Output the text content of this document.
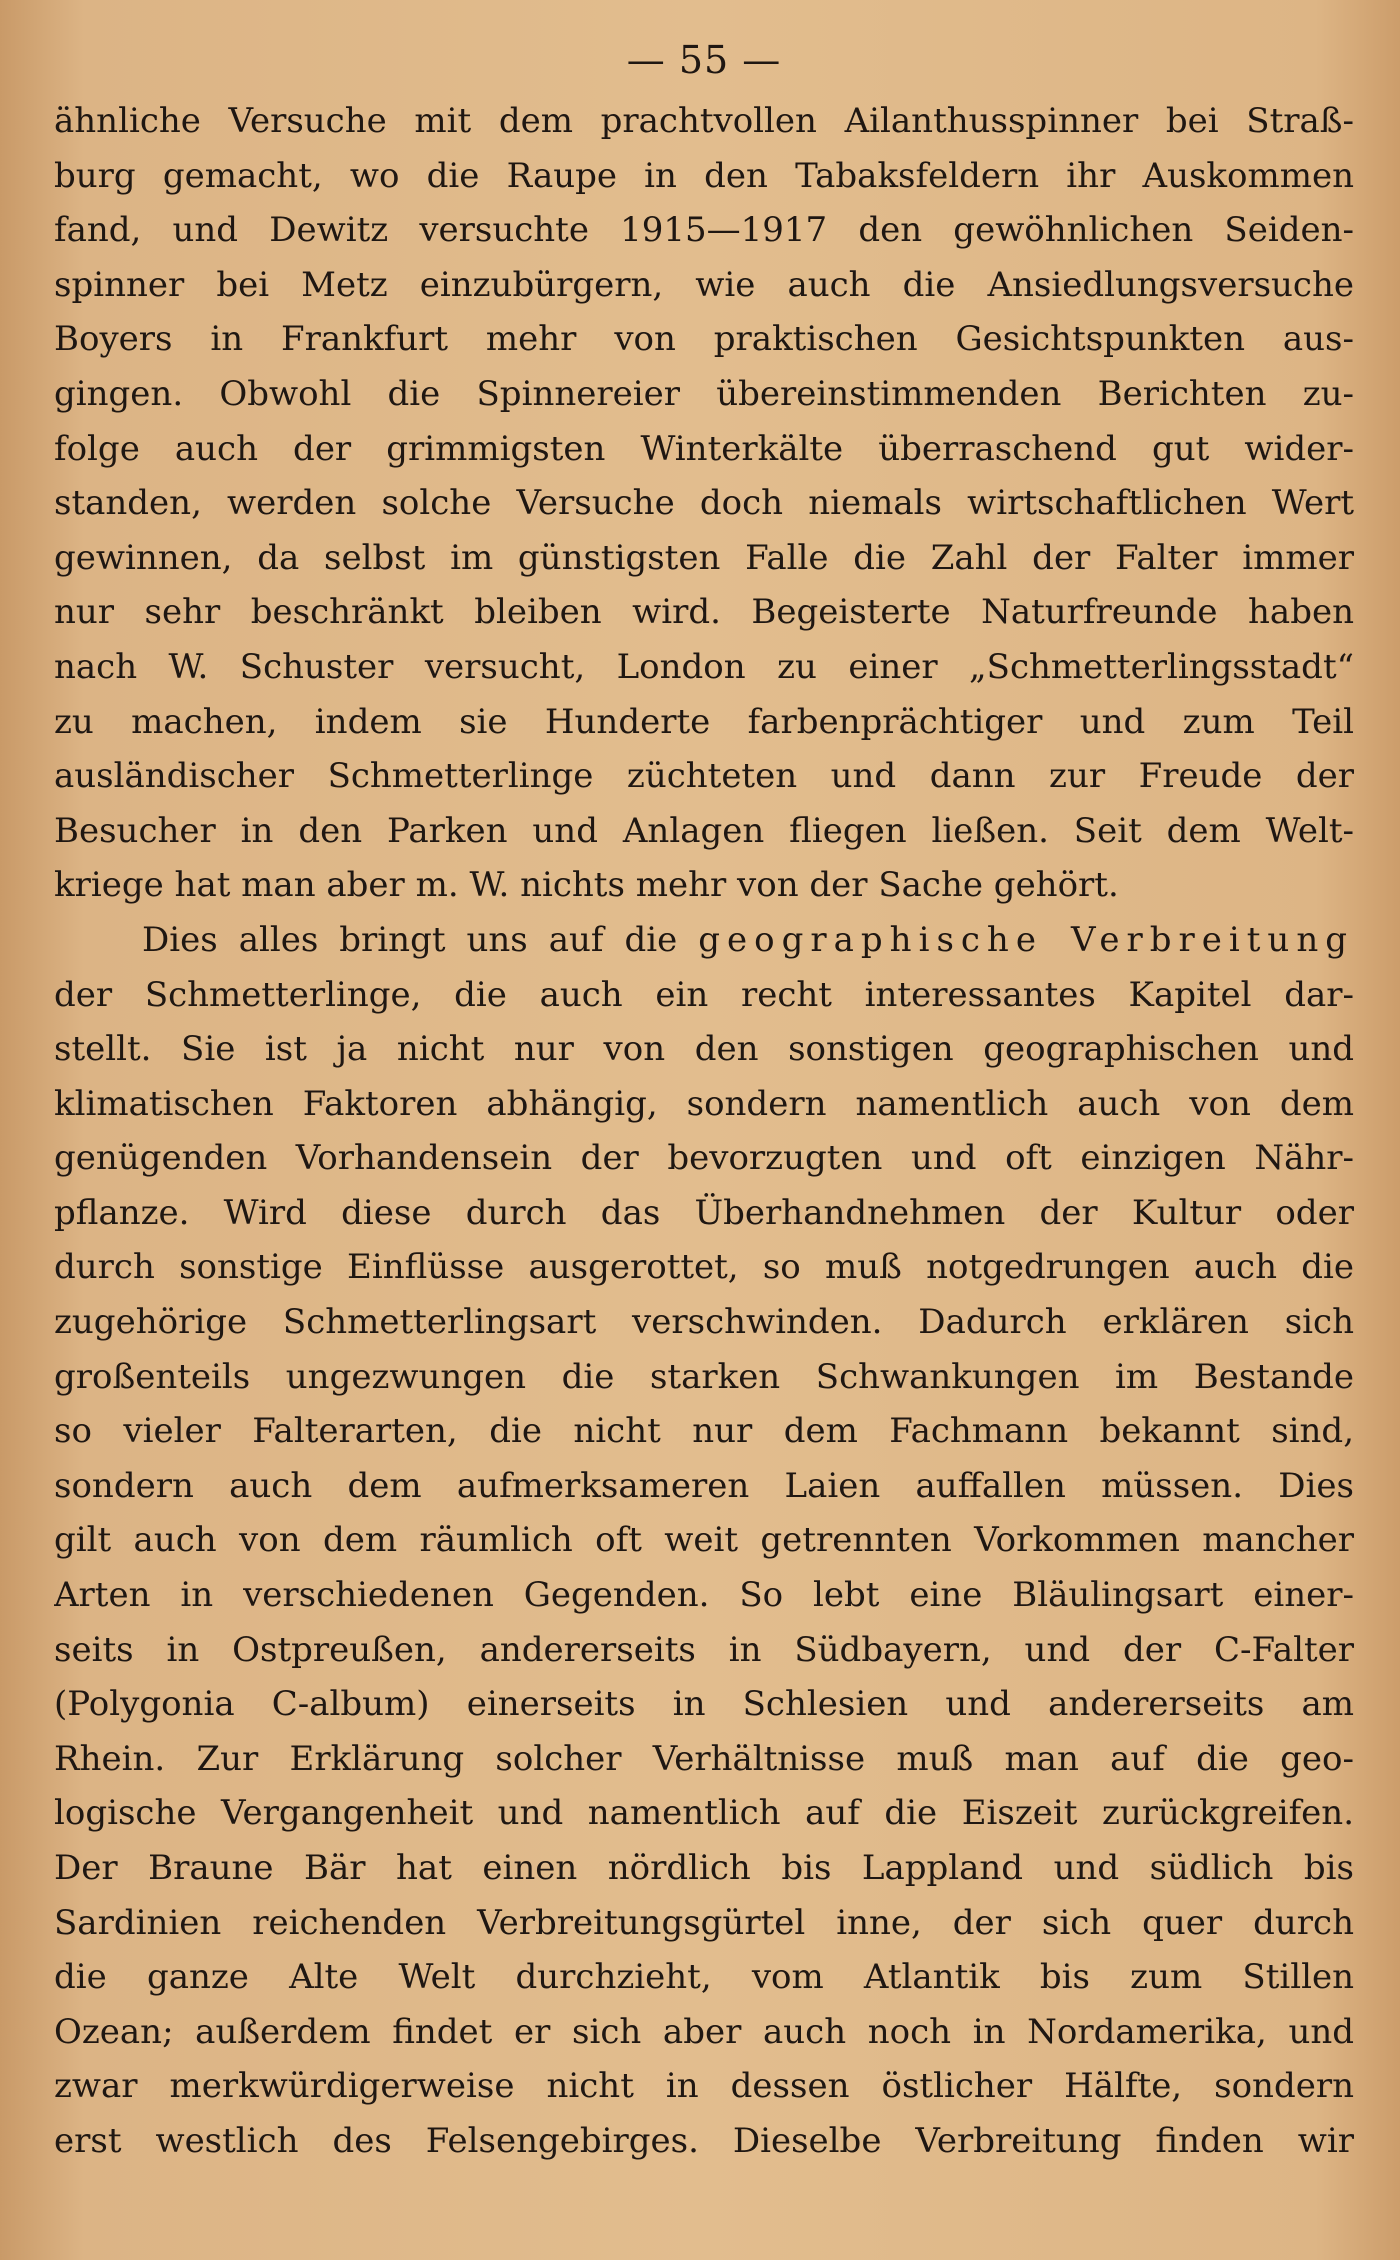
— 55 —
ähnliche Versuche mit dem prachtvollen Ailanthusspinner bei Straß-
burg gemacht, wo die Raupe in den Tabaksfeldern ihr Auskommen
fand, und Dewitz versuchte 1915—1917 den gewöhnlichen Seiden-
spinner bei Metz einzubürgern, wie auch die Ansiedlungsversuche
Boyers in Frankfurt mehr von praktischen Gesichtspunkten aus-
gingen. Obwohl die Spinnereier übereinstimmenden Berichten zu-
folge auch der grimmigsten Winterkälte überraschend gut wider-
standen, werden solche Versuche doch niemals wirtschaftlichen Wert
gewinnen, da selbst im günstigsten Falle die Zahl der Falter immer
nur sehr beschränkt bleiben wird. Begeisterte Naturfreunde haben
nach W. Schuster versucht, London zu einer „Schmetterlingsstadt“
zu machen, indem sie Hunderte farbenprächtiger und zum Teil
ausländischer Schmetterlinge züchteten und dann zur Freude der
Besucher in den Parken und Anlagen fliegen ließen. Seit dem Welt-
kriege hat man aber m. W. nichts mehr von der Sache gehört.
Dies alles bringt uns auf die geographische Verbreitung
der Schmetterlinge, die auch ein recht interessantes Kapitel dar-
stellt. Sie ist ja nicht nur von den sonstigen geographischen und
klimatischen Faktoren abhängig, sondern namentlich auch von dem
genügenden Vorhandensein der bevorzugten und oft einzigen Nähr-
pflanze. Wird diese durch das Überhandnehmen der Kultur oder
durch sonstige Einflüsse ausgerottet, so muß notgedrungen auch die
zugehörige Schmetterlingsart verschwinden. Dadurch erklären sich
großenteils ungezwungen die starken Schwankungen im Bestande
so vieler Falterarten, die nicht nur dem Fachmann bekannt sind,
sondern auch dem aufmerksameren Laien auffallen müssen. Dies
gilt auch von dem räumlich oft weit getrennten Vorkommen mancher
Arten in verschiedenen Gegenden. So lebt eine Bläulingsart einer-
seits in Ostpreußen, andererseits in Südbayern, und der C-Falter
(Polygonia C-album) einerseits in Schlesien und andererseits am
Rhein. Zur Erklärung solcher Verhältnisse muß man auf die geo-
logische Vergangenheit und namentlich auf die Eiszeit zurückgreifen.
Der Braune Bär hat einen nördlich bis Lappland und südlich bis
Sardinien reichenden Verbreitungsgürtel inne, der sich quer durch
die ganze Alte Welt durchzieht, vom Atlantik bis zum Stillen
Ozean; außerdem findet er sich aber auch noch in Nordamerika, und
zwar merkwürdigerweise nicht in dessen östlicher Hälfte, sondern
erst westlich des Felsengebirges. Dieselbe Verbreitung finden wir
